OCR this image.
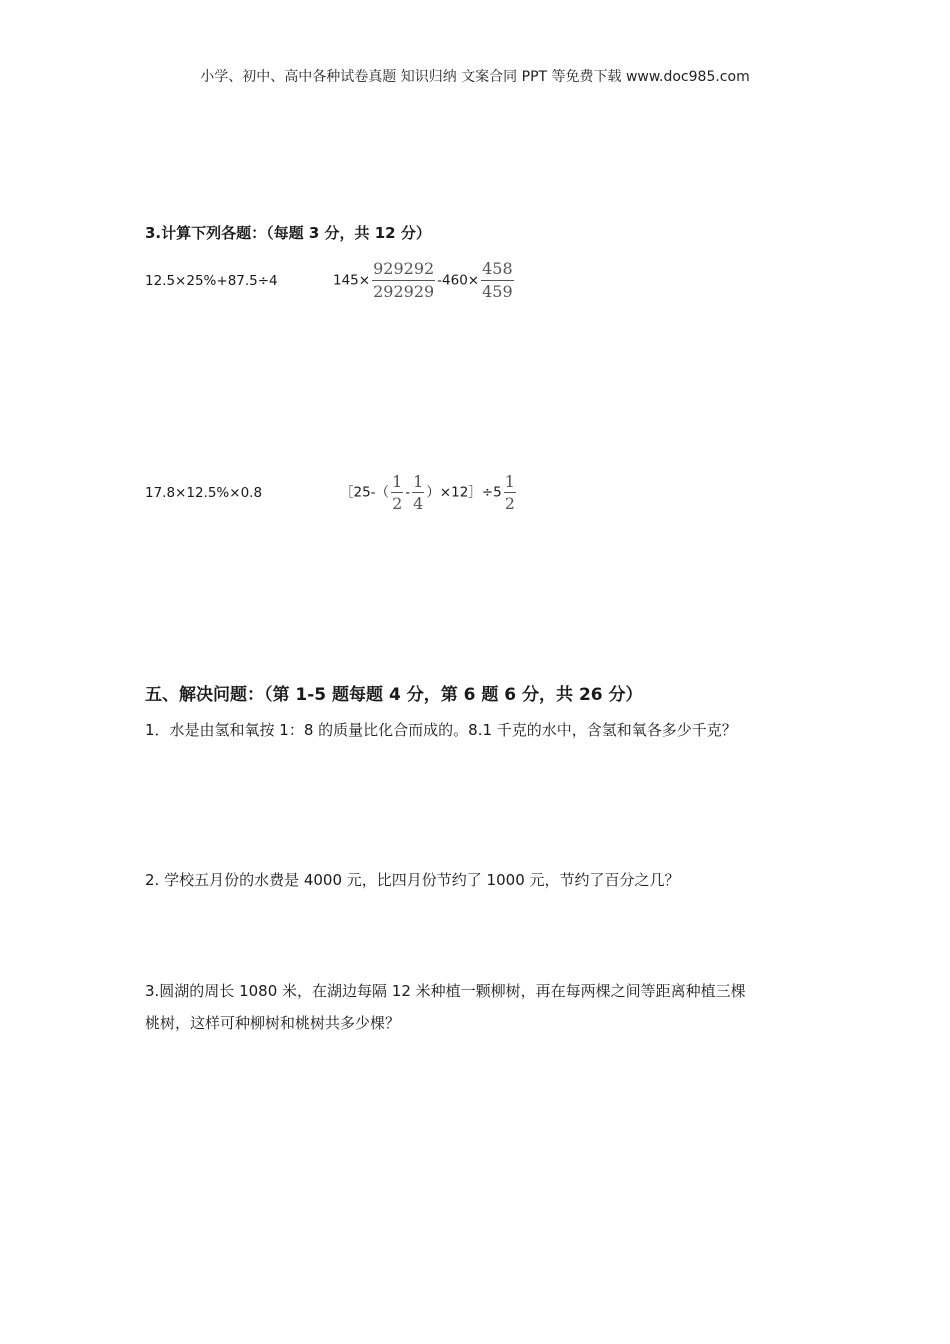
小学、初中、高中各种试卷真题 知识归纳 文案合同 PPT 等免费下载 www.doc985.com
3.计算下列各题：（每题 3 分，共 12 分）
12.5×25%+87.5÷4	$145\times \frac{929292}{292929} -460\times \frac{458}{459}$
17.8×12.5%×0.8	［25-（ $\frac{1}{2} - \frac{1}{4}$ ）×12］÷5 $\frac{1}{2}$
五、解决问题：（第 1-5 题每题 4 分，第 6 题 6 分，共 26 分）
1．水是由氢和氧按 1：8 的质量比化合而成的。8.1 千克的水中，含氢和氧各多少千克？
2. 学校五月份的水费是 4000 元，比四月份节约了 1000 元，节约了百分之几？
3.圆湖的周长 1080 米，在湖边每隔 12 米种植一颗柳树，再在每两棵之间等距离种植三棵
桃树，这样可种柳树和桃树共多少棵？
